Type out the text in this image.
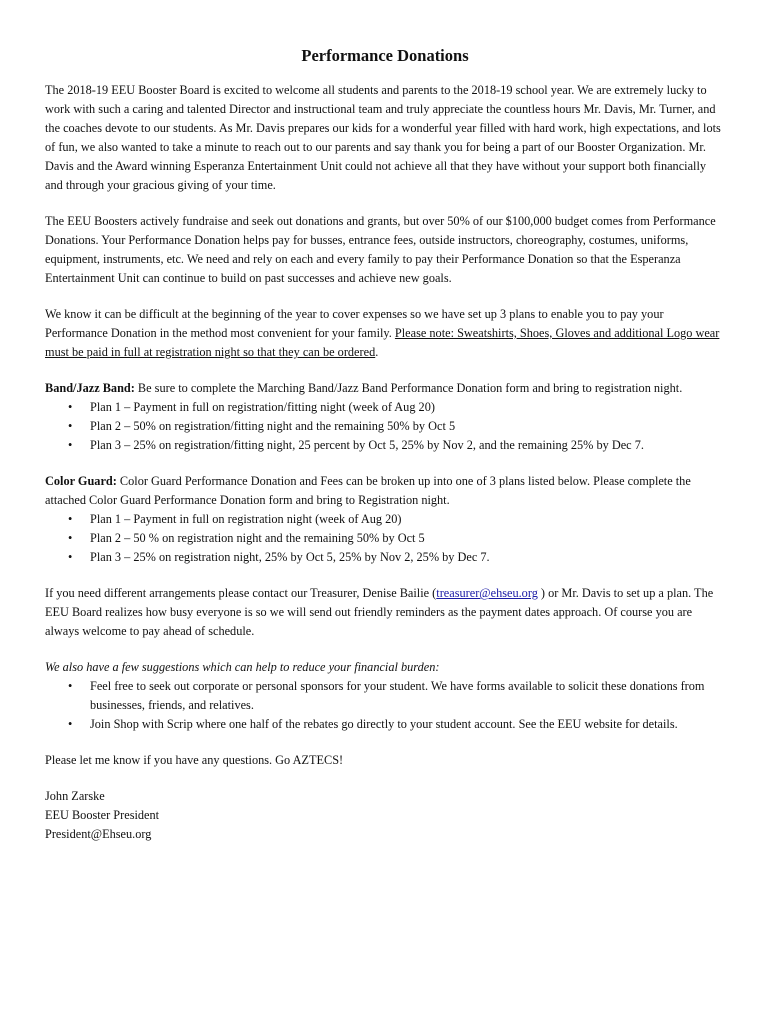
Performance Donations

The 2018-19 EEU Booster Board is excited to welcome all students and parents to the 2018-19 school year. We are extremely lucky to work with such a caring and talented Director and instructional team and truly appreciate the countless hours Mr. Davis, Mr. Turner, and the coaches devote to our students. As Mr. Davis prepares our kids for a wonderful year filled with hard work, high expectations, and lots of fun, we also wanted to take a minute to reach out to our parents and say thank you for being a part of our Booster Organization. Mr. Davis and the Award winning Esperanza Entertainment Unit could not achieve all that they have without your support both financially and through your gracious giving of your time.

The EEU Boosters actively fundraise and seek out donations and grants, but over 50% of our $100,000 budget comes from Performance Donations. Your Performance Donation helps pay for busses, entrance fees, outside instructors, choreography, costumes, uniforms, equipment, instruments, etc. We need and rely on each and every family to pay their Performance Donation so that the Esperanza Entertainment Unit can continue to build on past successes and achieve new goals.

We know it can be difficult at the beginning of the year to cover expenses so we have set up 3 plans to enable you to pay your Performance Donation in the method most convenient for your family. Please note: Sweatshirts, Shoes, Gloves and additional Logo wear must be paid in full at registration night so that they can be ordered.

Band/Jazz Band: Be sure to complete the Marching Band/Jazz Band Performance Donation form and bring to registration night.

• Plan 1 – Payment in full on registration/fitting night (week of Aug 20)
• Plan 2 – 50% on registration/fitting night and the remaining 50% by Oct 5
• Plan 3 – 25% on registration/fitting night, 25 percent by Oct 5, 25% by Nov 2, and the remaining 25% by Dec 7.

Color Guard: Color Guard Performance Donation and Fees can be broken up into one of 3 plans listed below. Please complete the attached Color Guard Performance Donation form and bring to Registration night.

• Plan 1 – Payment in full on registration night (week of Aug 20)
• Plan 2 – 50 % on registration night and the remaining 50% by Oct 5
• Plan 3 – 25% on registration night, 25% by Oct 5, 25% by Nov 2, 25% by Dec 7.

If you need different arrangements please contact our Treasurer, Denise Bailie (treasurer@ehseu.org ) or Mr. Davis to set up a plan. The EEU Board realizes how busy everyone is so we will send out friendly reminders as the payment dates approach. Of course you are always welcome to pay ahead of schedule.

We also have a few suggestions which can help to reduce your financial burden:

• Feel free to seek out corporate or personal sponsors for your student. We have forms available to solicit these donations from businesses, friends, and relatives.
• Join Shop with Scrip where one half of the rebates go directly to your student account. See the EEU website for details.

Please let me know if you have any questions. Go AZTECS!

John Zarske

EEU Booster President

President@Ehseu.org
